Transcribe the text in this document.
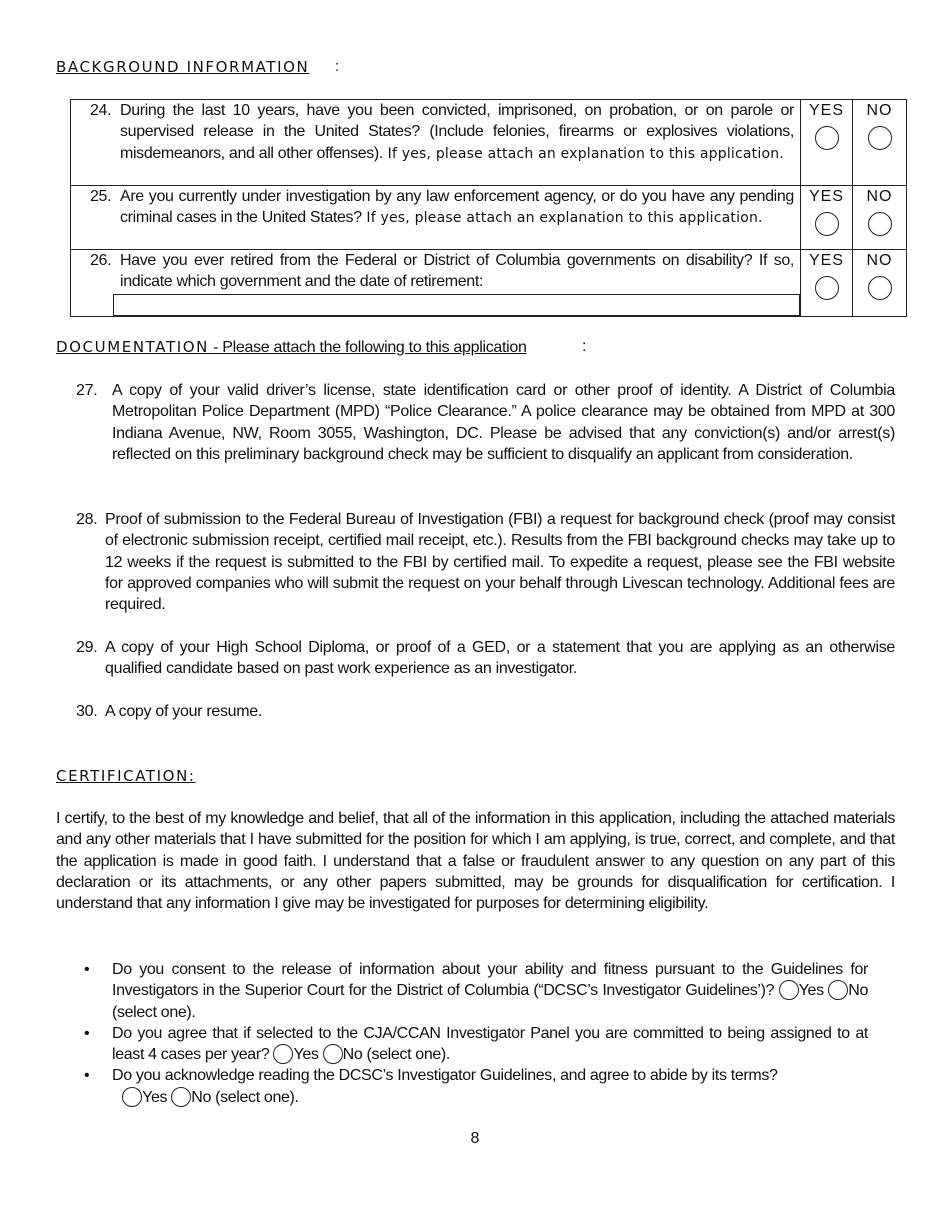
BACKGROUND INFORMATION :
24. During the last 10 years, have you been convicted, imprisoned, on probation, or on parole or supervised release in the United States? (Include felonies, firearms or explosives violations, misdemeanors, and all other offenses). If yes, please attach an explanation to this application.	YES	NO

25. Are you currently under investigation by any law enforcement agency, or do you have any pending criminal cases in the United States? If yes, please attach an explanation to this application.	YES	NO

26. Have you ever retired from the Federal or District of Columbia governments on disability? If so, indicate which government and the date of retirement:	YES	NO
DOCUMENTATION - Please attach the following to this application	:
27. A copy of your valid driver’s license, state identification card or other proof of identity. A District of Columbia Metropolitan Police Department (MPD) “Police Clearance.” A police clearance may be obtained from MPD at 300 Indiana Avenue, NW, Room 3055, Washington, DC. Please be advised that any conviction(s) and/or arrest(s) reflected on this preliminary background check may be sufficient to disqualify an applicant from consideration.
28. Proof of submission to the Federal Bureau of Investigation (FBI) a request for background check (proof may consist of electronic submission receipt, certified mail receipt, etc.). Results from the FBI background checks may take up to 12 weeks if the request is submitted to the FBI by certified mail. To expedite a request, please see the FBI website for approved companies who will submit the request on your behalf through Livescan technology. Additional fees are required.
29. A copy of your High School Diploma, or proof of a GED, or a statement that you are applying as an otherwise qualified candidate based on past work experience as an investigator.
30. A copy of your resume.
CERTIFICATION:
I certify, to the best of my knowledge and belief, that all of the information in this application, including the attached materials and any other materials that I have submitted for the position for which I am applying, is true, correct, and complete, and that the application is made in good faith. I understand that a false or fraudulent answer to any question on any part of this declaration or its attachments, or any other papers submitted, may be grounds for disqualification for certification. I understand that any information I give may be investigated for purposes for determining eligibility.
• Do you consent to the release of information about your ability and fitness pursuant to the Guidelines for Investigators in the Superior Court for the District of Columbia (“DCSC’s Investigator Guidelines’)? Yes No (select one).
• Do you agree that if selected to the CJA/CCAN Investigator Panel you are committed to being assigned to at least 4 cases per year? Yes No (select one).
• Do you acknowledge reading the DCSC’s Investigator Guidelines, and agree to abide by its terms?
Yes No (select one).
8
